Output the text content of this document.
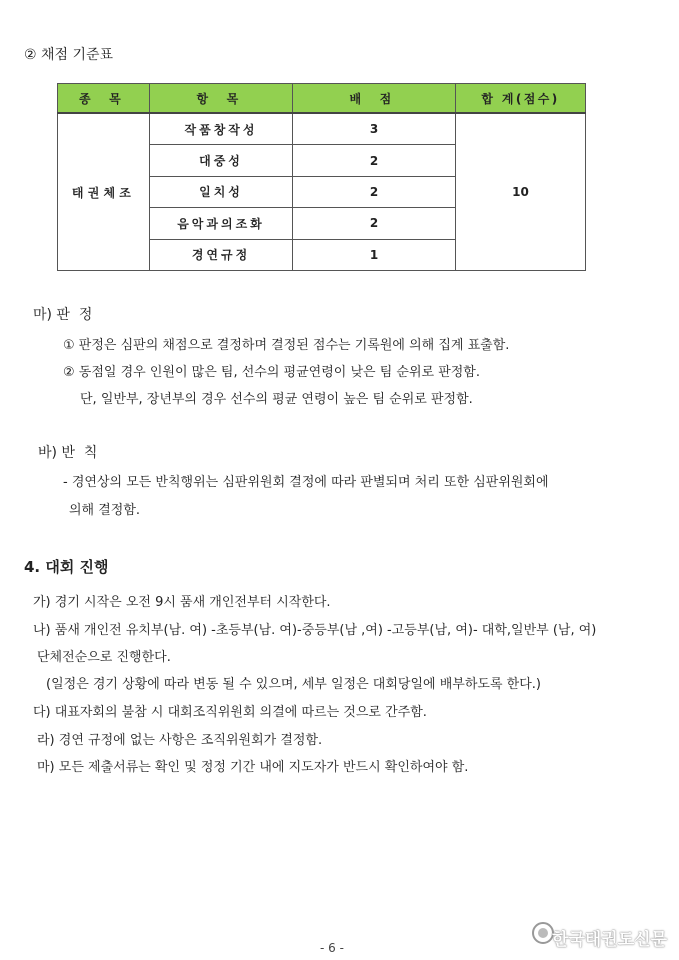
② 채점 기준표
종 목	항 목	배 점	합 계(점수)
태권체조	작품창작성	3	10
	대중성	2	
	일치성	2	
	음악과의조화	2	
	경연규정	1	
마) 판  정
① 판정은 심판의 채점으로 결정하며 결정된 점수는 기록원에 의해 집계 표출함.
② 동점일 경우 인원이 많은 팀, 선수의 평균연령이 낮은 팀 순위로 판정함.
단, 일반부, 장년부의 경우 선수의 평균 연령이 높은 팀 순위로 판정함.
바) 반  칙
- 경연상의 모든 반칙행위는 심판위원회 결정에 따라 판별되며 처리 또한 심판위원회에
의해 결정함.
4. 대회 진행
가) 경기 시작은 오전 9시 품새 개인전부터 시작한다.
나) 품새 개인전 유치부(남. 여) -초등부(남. 여)-중등부(남 ,여) -고등부(남, 여)- 대학,일반부 (남, 여)
단체전순으로 진행한다.
(일정은 경기 상황에 따라 변동 될 수 있으며, 세부 일정은 대회당일에 배부하도록 한다.)
다) 대표자회의 불참 시 대회조직위원회 의결에 따르는 것으로 간주함.
라) 경연 규정에 없는 사항은 조직위원회가 결정함.
마) 모든 제출서류는 확인 및 정정 기간 내에 지도자가 반드시 확인하여야 함.
- 6 -	한국태권도신문
